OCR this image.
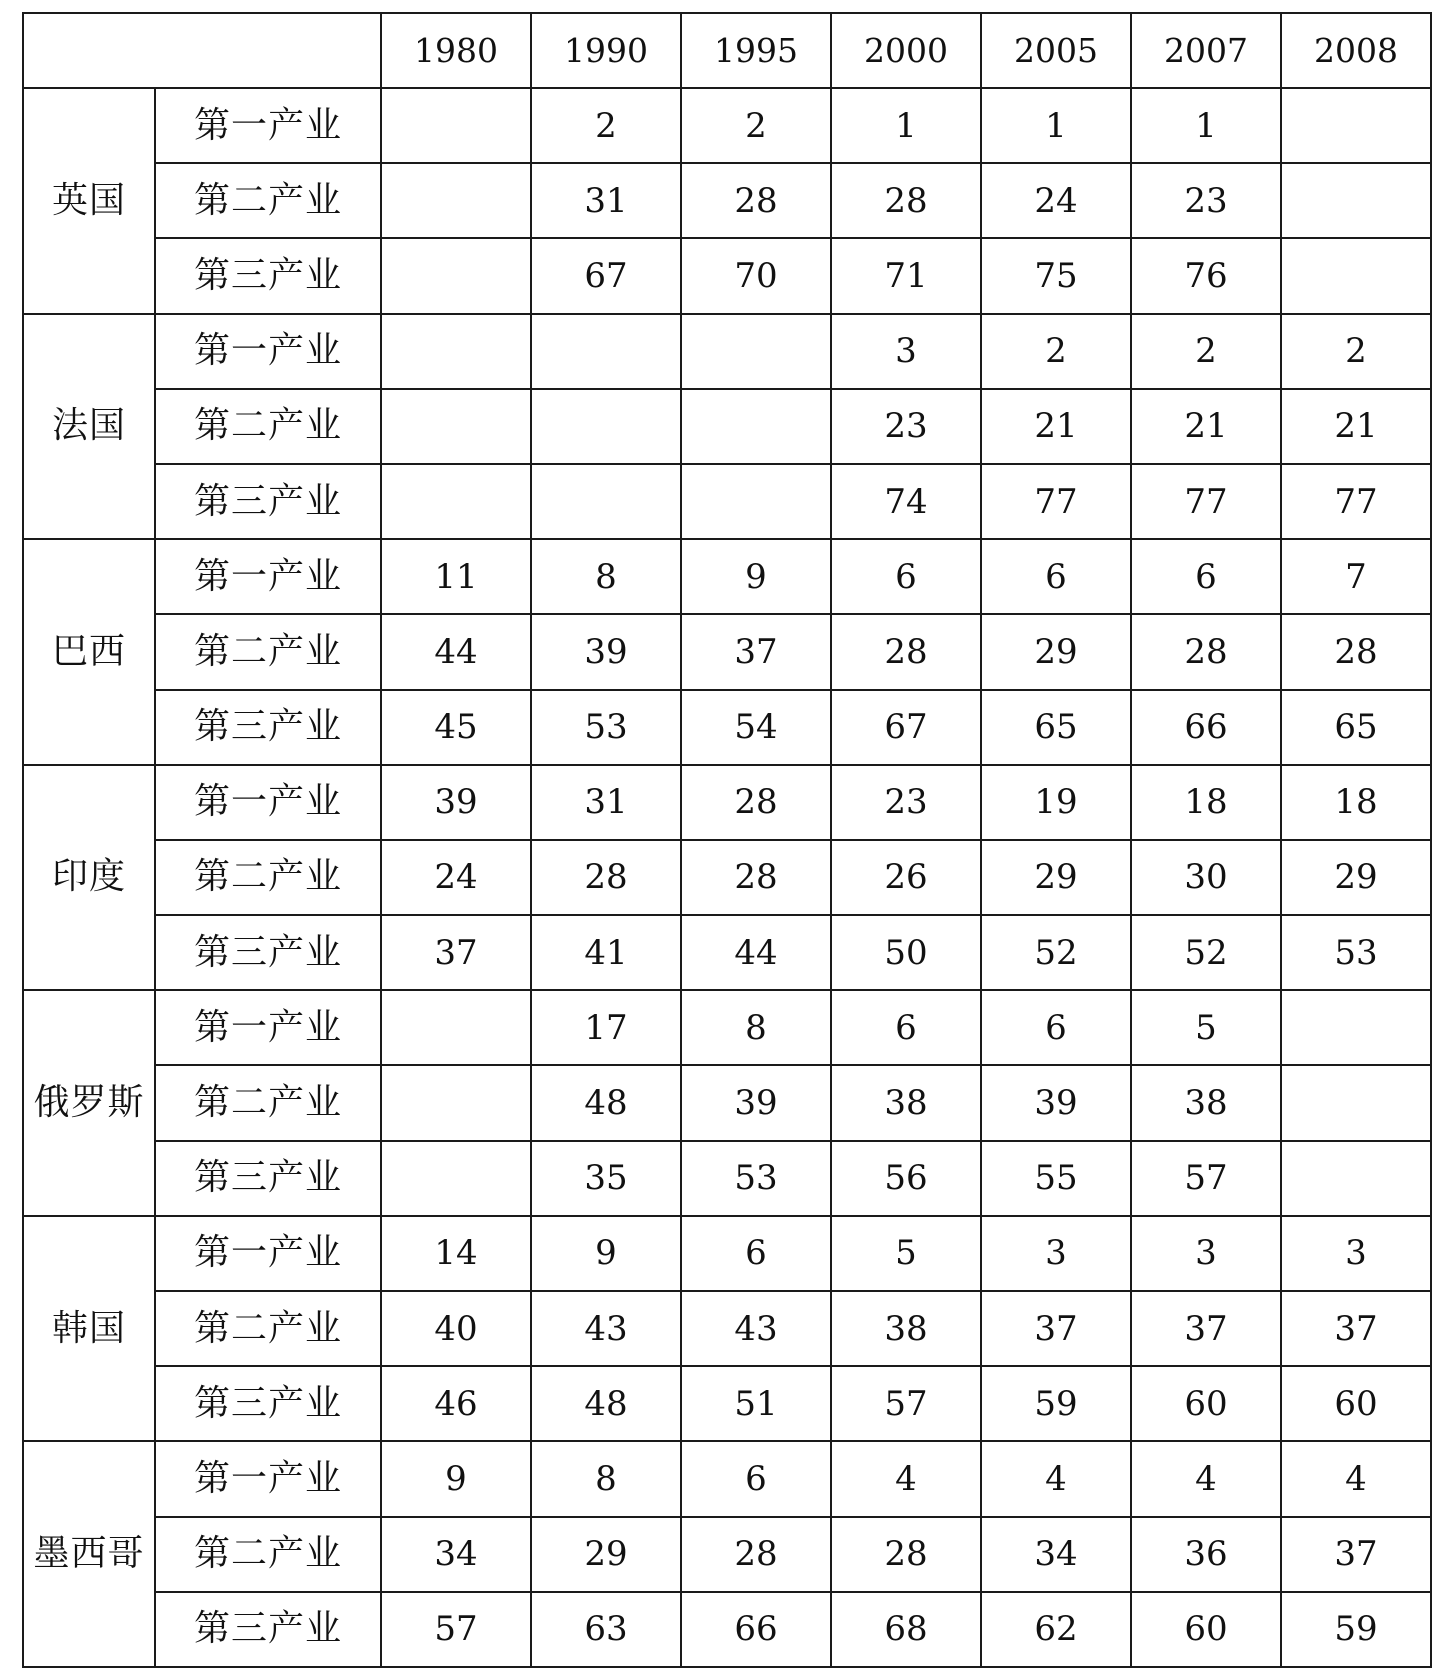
		1980	1990	1995	2000	2005	2007	2008
英国	第一产业		2	2	1	1	1	
	第二产业		31	28	28	24	23	
	第三产业		67	70	71	75	76	
法国	第一产业				3	2	2	2
	第二产业				23	21	21	21
	第三产业				74	77	77	77
巴西	第一产业	11	8	9	6	6	6	7
	第二产业	44	39	37	28	29	28	28
	第三产业	45	53	54	67	65	66	65
印度	第一产业	39	31	28	23	19	18	18
	第二产业	24	28	28	26	29	30	29
	第三产业	37	41	44	50	52	52	53
俄罗斯	第一产业		17	8	6	6	5	
	第二产业		48	39	38	39	38	
	第三产业		35	53	56	55	57	
韩国	第一产业	14	9	6	5	3	3	3
	第二产业	40	43	43	38	37	37	37
	第三产业	46	48	51	57	59	60	60
墨西哥	第一产业	9	8	6	4	4	4	4
	第二产业	34	29	28	28	34	36	37
	第三产业	57	63	66	68	62	60	59
